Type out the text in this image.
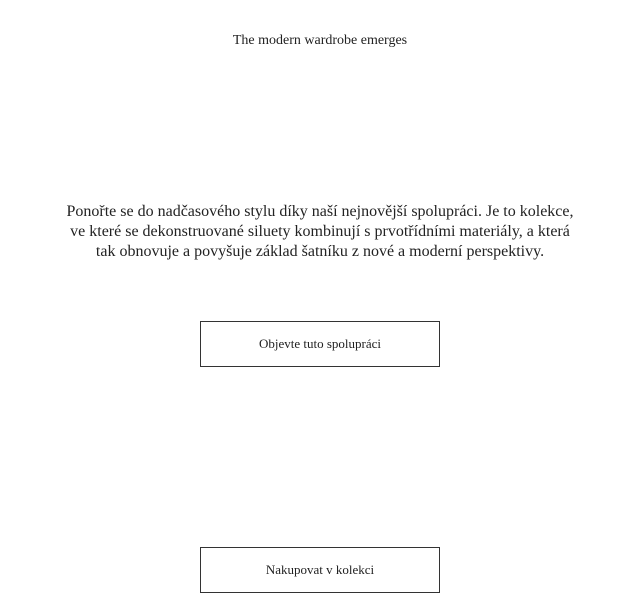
The modern wardrobe emerges

Ponořte se do nadčasového stylu díky naší nejnovější spolupráci. Je to kolekce, ve které se dekonstruované siluety kombinují s prvotřídními materiály, a která tak obnovuje a povyšuje základ šatníku z nové a moderní perspektivy.

Objevte tuto spolupráci
Nakupovat v kolekci
